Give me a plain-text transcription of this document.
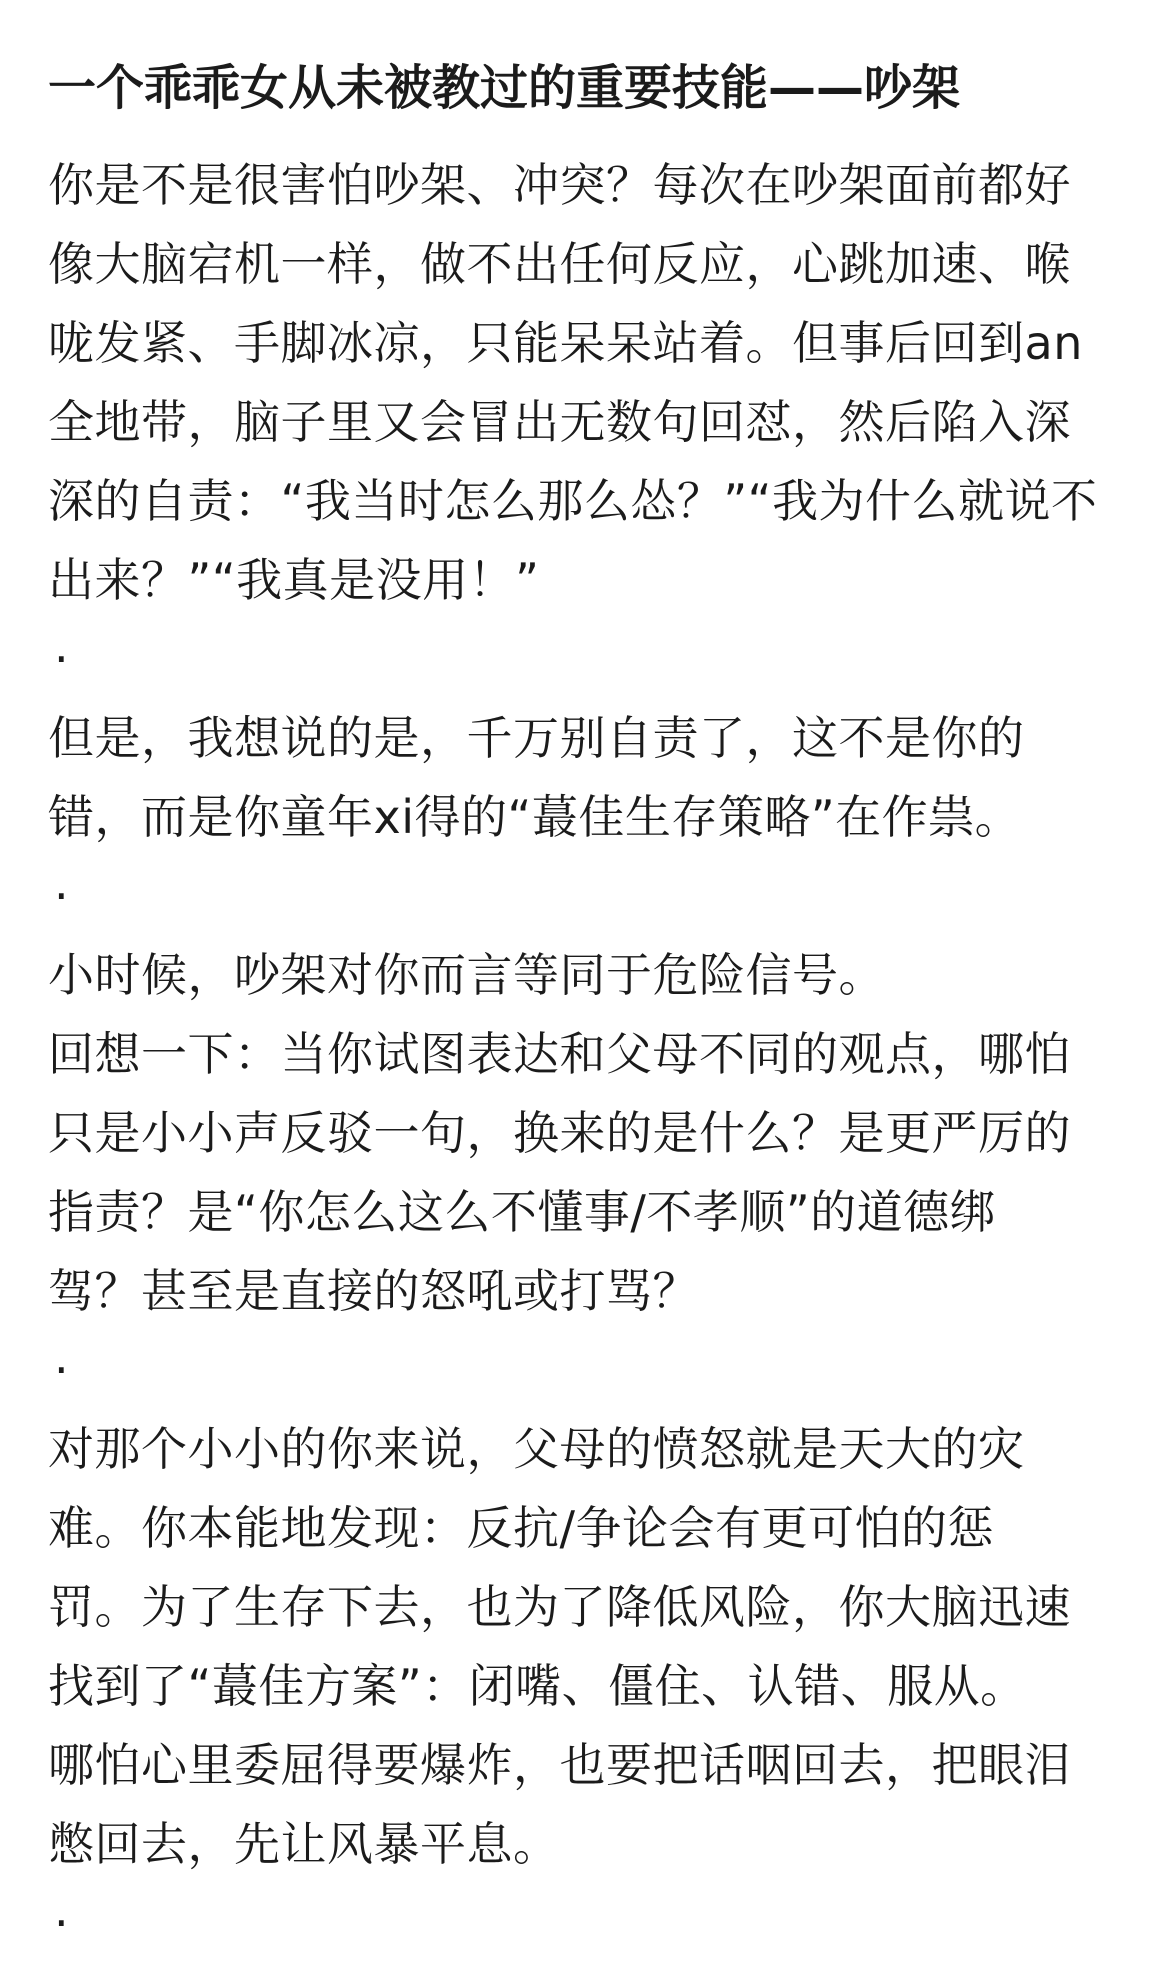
一个乖乖女从未被教过的重要技能——吵架

你是不是很害怕吵架、冲突？每次在吵架面前都好
像大脑宕机一样，做不出任何反应，心跳加速、喉
咙发紧、手脚冰凉，只能呆呆站着。但事后回到an
全地带，脑子里又会冒出无数句回怼，然后陷入深
深的自责：“我当时怎么那么怂？”“我为什么就说不
出来？”“我真是没用！”

·

但是，我想说的是，千万别自责了，这不是你的
错，而是你童年xi得的“蕞佳生存策略”在作祟。

·

小时候，吵架对你而言等同于危险信号。
回想一下：当你试图表达和父母不同的观点，哪怕
只是小小声反驳一句，换来的是什么？是更严厉的
指责？是“你怎么这么不懂事/不孝顺”的道德绑
驾？甚至是直接的怒吼或打骂？

·

对那个小小的你来说，父母的愤怒就是天大的灾
难。你本能地发现：反抗/争论会有更可怕的惩
罚。为了生存下去，也为了降低风险，你大脑迅速
找到了“蕞佳方案”：闭嘴、僵住、认错、服从。
哪怕心里委屈得要爆炸，也要把话咽回去，把眼泪
憋回去，先让风暴平息。

·
